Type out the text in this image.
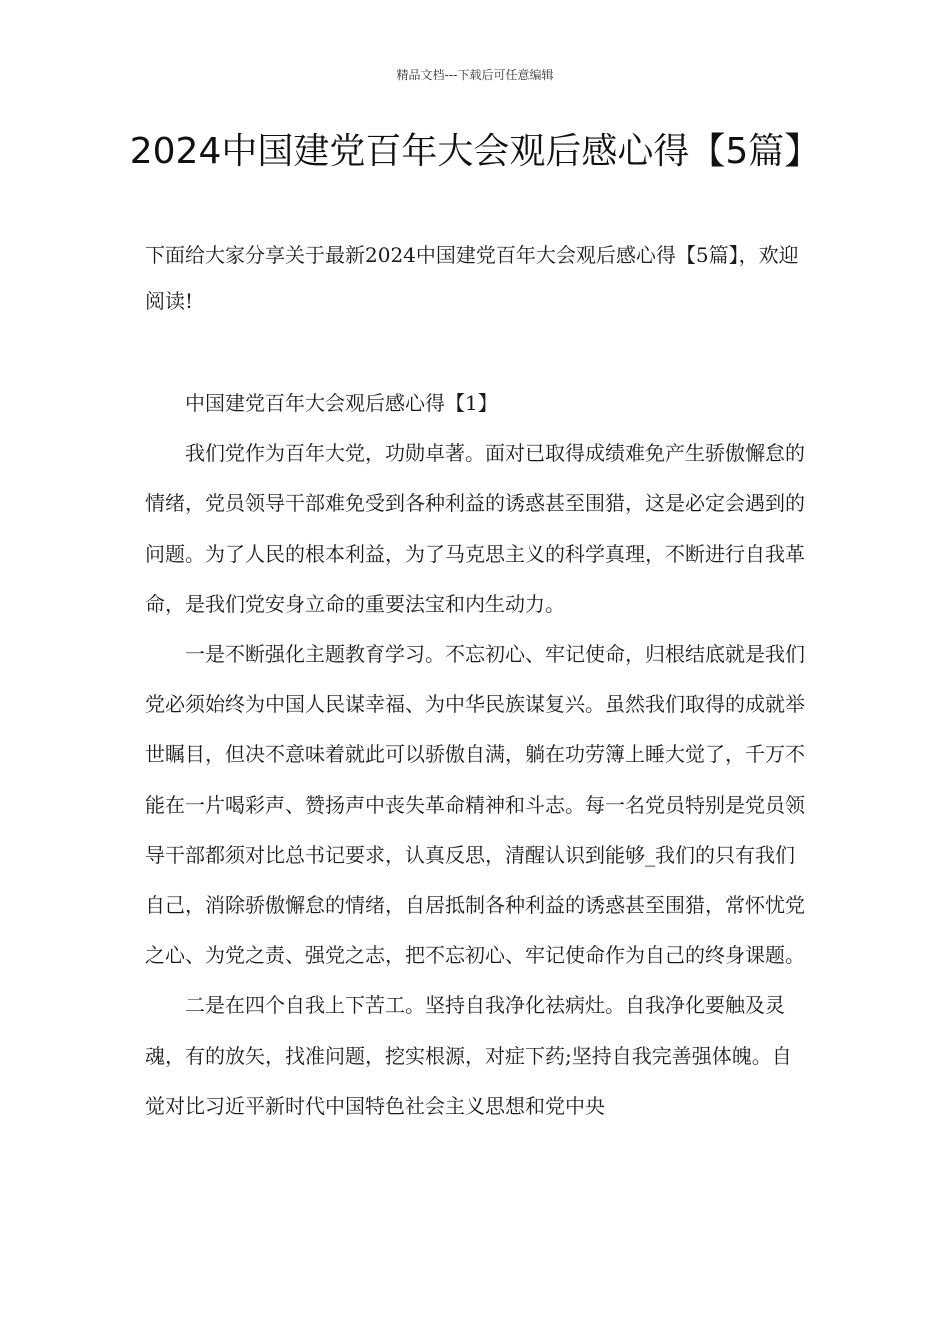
精品文档---下载后可任意编辑
2024中国建党百年大会观后感心得【5篇】

下面给大家分享关于最新2024中国建党百年大会观后感心得【5篇】，欢迎阅读!

中国建党百年大会观后感心得【1】

我们党作为百年大党，功勋卓著。面对已取得成绩难免产生骄傲懈怠的情绪，党员领导干部难免受到各种利益的诱惑甚至围猎，这是必定会遇到的问题。为了人民的根本利益，为了马克思主义的科学真理，不断进行自我革命，是我们党安身立命的重要法宝和内生动力。

一是不断强化主题教育学习。不忘初心、牢记使命，归根结底就是我们党必须始终为中国人民谋幸福、为中华民族谋复兴。虽然我们取得的成就举世瞩目，但决不意味着就此可以骄傲自满，躺在功劳簿上睡大觉了，千万不能在一片喝彩声、赞扬声中丧失革命精神和斗志。每一名党员特别是党员领导干部都须对比总书记要求，认真反思，清醒认识到能够_我们的只有我们自己，消除骄傲懈怠的情绪，自居抵制各种利益的诱惑甚至围猎，常怀忧党之心、为党之责、强党之志，把不忘初心、牢记使命作为自己的终身课题。

二是在四个自我上下苦工。坚持自我净化祛病灶。自我净化要触及灵魂，有的放矢，找准问题，挖实根源，对症下药;坚持自我完善强体魄。自觉对比习近平新时代中国特色社会主义思想和党中央
